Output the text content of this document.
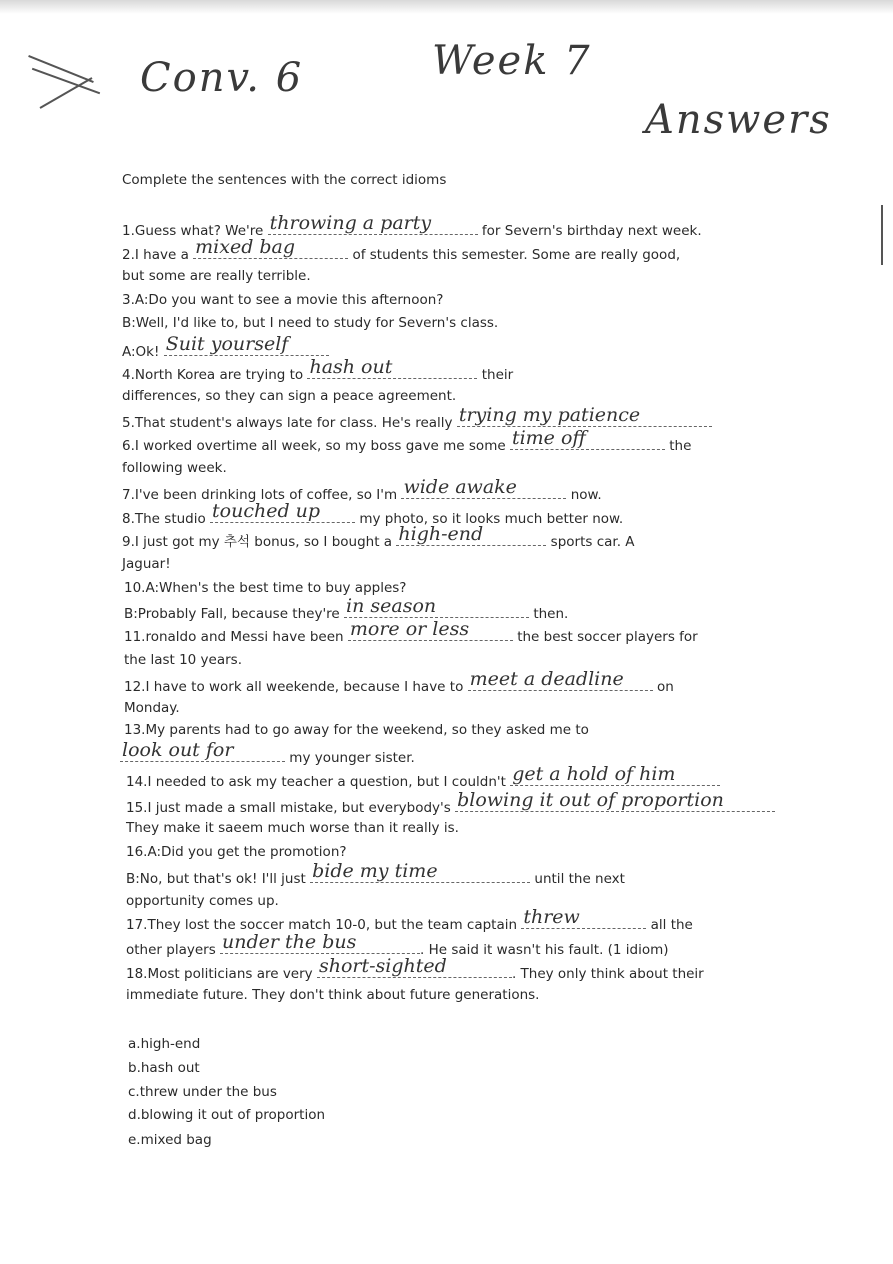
Conv. 6	Week 7
Answers
Complete the sentences with the correct idioms
1.Guess what? We're throwing a party	for Severn's birthday next week.
2.I have a mixed bag	of students this semester. Some are really good,
but some are really terrible.
3.A:Do you want to see a movie this afternoon?
B:Well, I'd like to, but I need to study for Severn's class.
A:Ok! Suit yourself
4.North Korea are trying to hash out	their
differences, so they can sign a peace agreement.
5.That student's always late for class. He's really trying my patience
6.I worked overtime all week, so my boss gave me some time off	the
following week.
7.I've been drinking lots of coffee, so I'm wide awake	now.
8.The studio touched up	my photo, so it looks much better now.
9.I just got my 추석 bonus, so I bought a high-end	sports car. A
Jaguar!
10.A:When's the best time to buy apples?
B:Probably Fall, because they're in season	then.
11.ronaldo and Messi have been more or less	the best soccer players for
the last 10 years.
12.I have to work all weekende, because I have to meet a deadline on
Monday.
13.My parents had to go away for the weekend, so they asked me to
look out for	my younger sister.
14.I needed to ask my teacher a question, but I couldn't get a hold of him
15.I just made a small mistake, but everybody's blowing it out of proportion
They make it saeem much worse than it really is.
16.A:Did you get the promotion?
B:No, but that's ok! I'll just bide my time	until the next
opportunity comes up.
17.They lost the soccer match 10-0, but the team captain threw	all the
other players under the bus	. He said it wasn't his fault. (1 idiom)
18.Most politicians are very short-sighted	. They only think about their
immediate future. They don't think about future generations.
a.high-end
b.hash out
c.threw under the bus
d.blowing it out of proportion
e.mixed bag
